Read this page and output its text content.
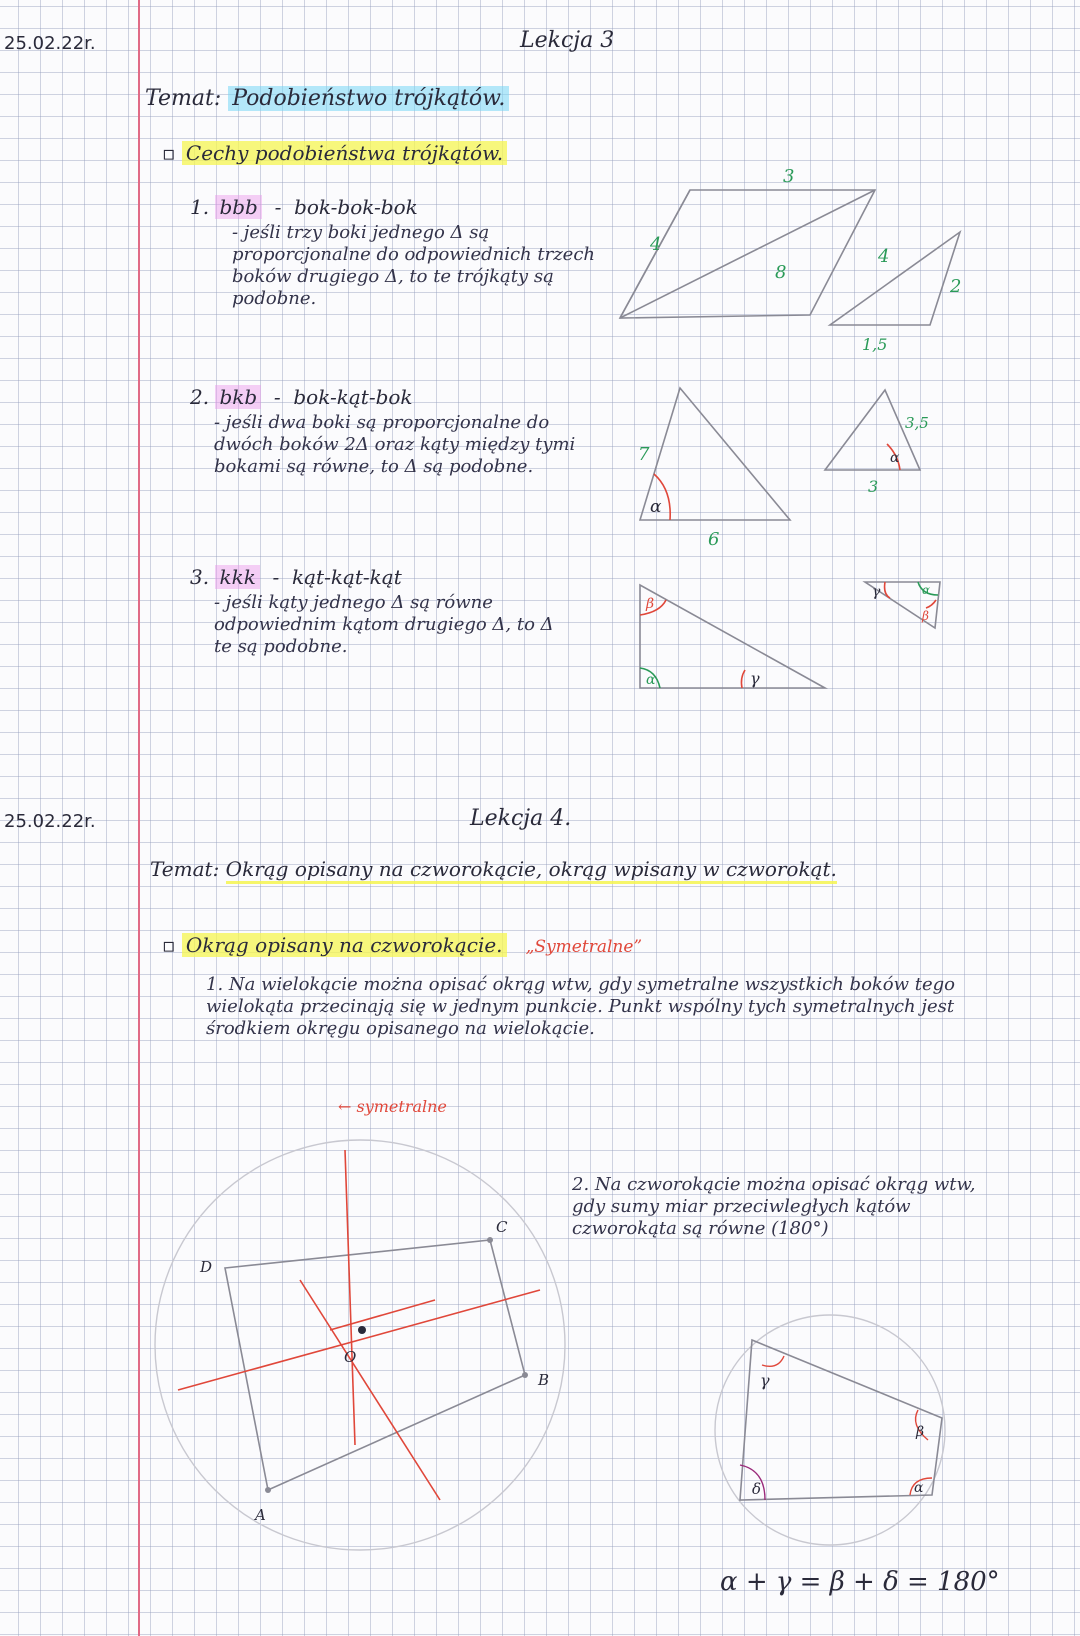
25.02.22r.	Lekcja 3
Temat: Podobieństwo trójkątów.
▫ Cechy podobieństwa trójkątów.
1. bbb  -  bok-bok-bok
- jeśli trzy boki jednego Δ są proporcjonalne do odpowiednich trzech boków drugiego Δ, to te trójkąty są podobne.
2. bkb  -  bok-kąt-bok
- jeśli dwa boki są proporcjonalne do dwóch boków 2Δ oraz kąty między tymi bokami są równe, to Δ są podobne.
3. kkk  -  kąt-kąt-kąt
- jeśli kąty jednego Δ są równe odpowiednim kątom drugiego Δ, to Δ te są podobne.
25.02.22r.	Lekcja 4.
Temat: Okrąg opisany na czworokącie, okrąg wpisany w czworokąt.
▫ Okrąg opisany na czworokącie. „Symetralne”
1. Na wielokącie można opisać okrąg wtw, gdy symetralne wszystkich boków tego wielokąta przecinają się w jednym punkcie. Punkt wspólny tych symetralnych jest środkiem okręgu opisanego na wielokącie.
2. Na czworokącie można opisać okrąg wtw, gdy sumy miar przeciwległych kątów czworokąta są równe (180°)
← symetralne
α + γ = β + δ = 180°
3
4
8
4
2
1,5
7
6
3,5
3
α
α
β
α	γ
γ	α
β
A
B
C
D
O
γ
β
α
δ
